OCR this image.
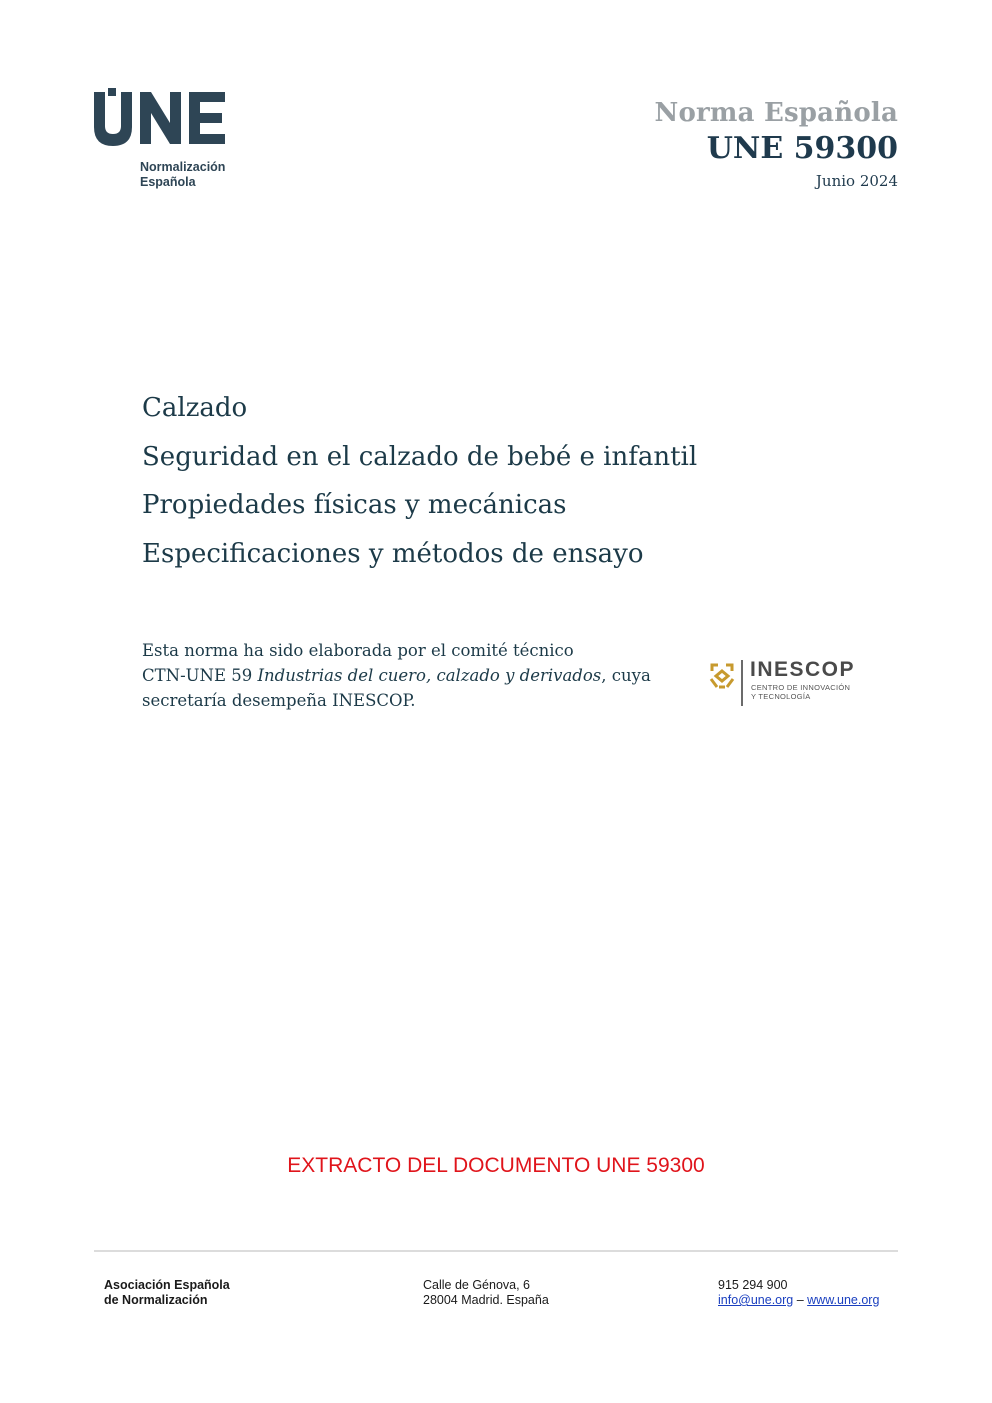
Normalización
Española
Norma Española
UNE 59300
Junio 2024
Calzado
Seguridad en el calzado de bebé e infantil
Propiedades físicas y mecánicas
Especificaciones y métodos de ensayo
Esta norma ha sido elaborada por el comité técnico
CTN-UNE 59 Industrias del cuero, calzado y derivados, cuya
secretaría desempeña INESCOP.
INESCOP
CENTRO DE INNOVACIÓN
Y TECNOLOGÍA
EXTRACTO DEL DOCUMENTO UNE 59300
Asociación Española
de Normalización
Calle de Génova, 6
28004 Madrid. España
915 294 900
info@une.org – www.une.org
